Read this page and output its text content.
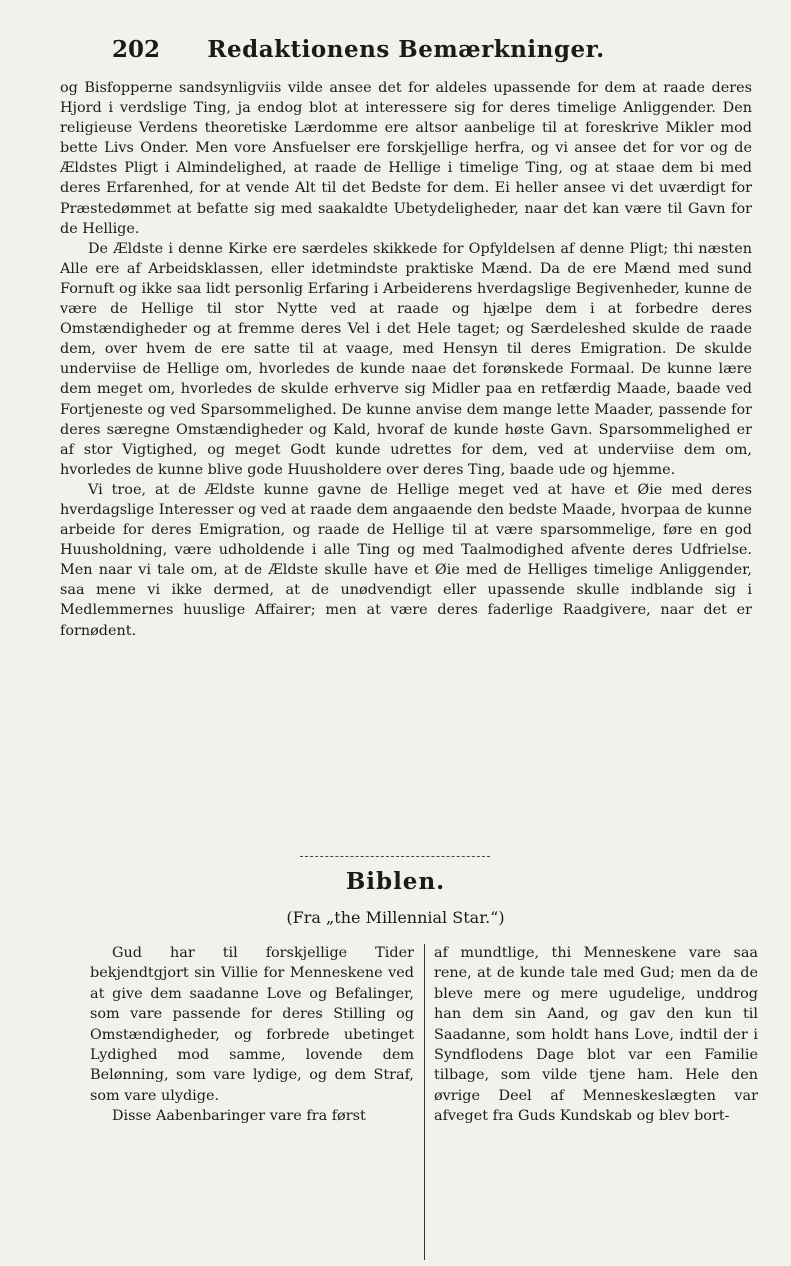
202	Redaktionens Bemærkninger.

og Bisfopperne sandsynligviis vilde ansee det for aldeles upassende for dem at raade deres Hjord i verdslige Ting, ja endog blot at interessere sig for deres timelige Anliggender. Den religieuse Verdens theoretiske Lærdomme ere altsor aanbelige til at foreskrive Mikler mod bette Livs Onder. Men vore Ansfuelser ere forskjellige herfra, og vi ansee det for vor og de Ældstes Pligt i Almindelighed, at raade de Hellige i timelige Ting, og at staae dem bi med deres Erfarenhed, for at vende Alt til det Bedste for dem. Ei heller ansee vi det uværdigt for Præstedømmet at befatte sig med saakaldte Ubetydeligheder, naar det kan være til Gavn for de Hellige.

De Ældste i denne Kirke ere særdeles skikkede for Opfyldelsen af denne Pligt; thi næsten Alle ere af Arbeidsklassen, eller idetmindste praktiske Mænd. Da de ere Mænd med sund Fornuft og ikke saa lidt personlig Erfaring i Arbeiderens hverdagslige Begivenheder, kunne de være de Hellige til stor Nytte ved at raade og hjælpe dem i at forbedre deres Omstændigheder og at fremme deres Vel i det Hele taget; og Særdeleshed skulde de raade dem, over hvem de ere satte til at vaage, med Hensyn til deres Emigration. De skulde underviise de Hellige om, hvorledes de kunde naae det forønskede Formaal. De kunne lære dem meget om, hvorledes de skulde erhverve sig Midler paa en retfærdig Maade, baade ved Fortjeneste og ved Sparsommelighed. De kunne anvise dem mange lette Maader, passende for deres særegne Omstændigheder og Kald, hvoraf de kunde høste Gavn. Sparsommelighed er af stor Vigtighed, og meget Godt kunde udrettes for dem, ved at underviise dem om, hvorledes de kunne blive gode Huusholdere over deres Ting, baade ude og hjemme.

Vi troe, at de Ældste kunne gavne de Hellige meget ved at have et Øie med deres hverdagslige Interesser og ved at raade dem angaaende den bedste Maade, hvorpaa de kunne arbeide for deres Emigration, og raade de Hellige til at være sparsommelige, føre en god Huusholdning, være udholdende i alle Ting og med Taalmodighed afvente deres Udfrielse. Men naar vi tale om, at de Ældste skulle have et Øie med de Helliges timelige Anliggender, saa mene vi ikke dermed, at de unødvendigt eller upassende skulle indblande sig i Medlemmernes huuslige Affairer; men at være deres faderlige Raadgivere, naar det er fornødent.

Biblen.
(Fra „the Millennial Star.“)

Gud har til forskjellige Tider bekjendtgjort sin Villie for Menneskene ved at give dem saadanne Love og Befalinger, som vare passende for deres Stilling og Omstændigheder, og forbrede ubetinget Lydighed mod samme, lovende dem Belønning, som vare lydige, og dem Straf, som vare ulydige.

Disse Aabenbaringer vare fra først

af mundtlige, thi Menneskene vare saa rene, at de kunde tale med Gud; men da de bleve mere og mere ugudelige, unddrog han dem sin Aand, og gav den kun til Saadanne, som holdt hans Love, indtil der i Syndflodens Dage blot var een Familie tilbage, som vilde tjene ham. Hele den øvrige Deel af Menneskeslægten var afveget fra Guds Kundskab og blev bort-
